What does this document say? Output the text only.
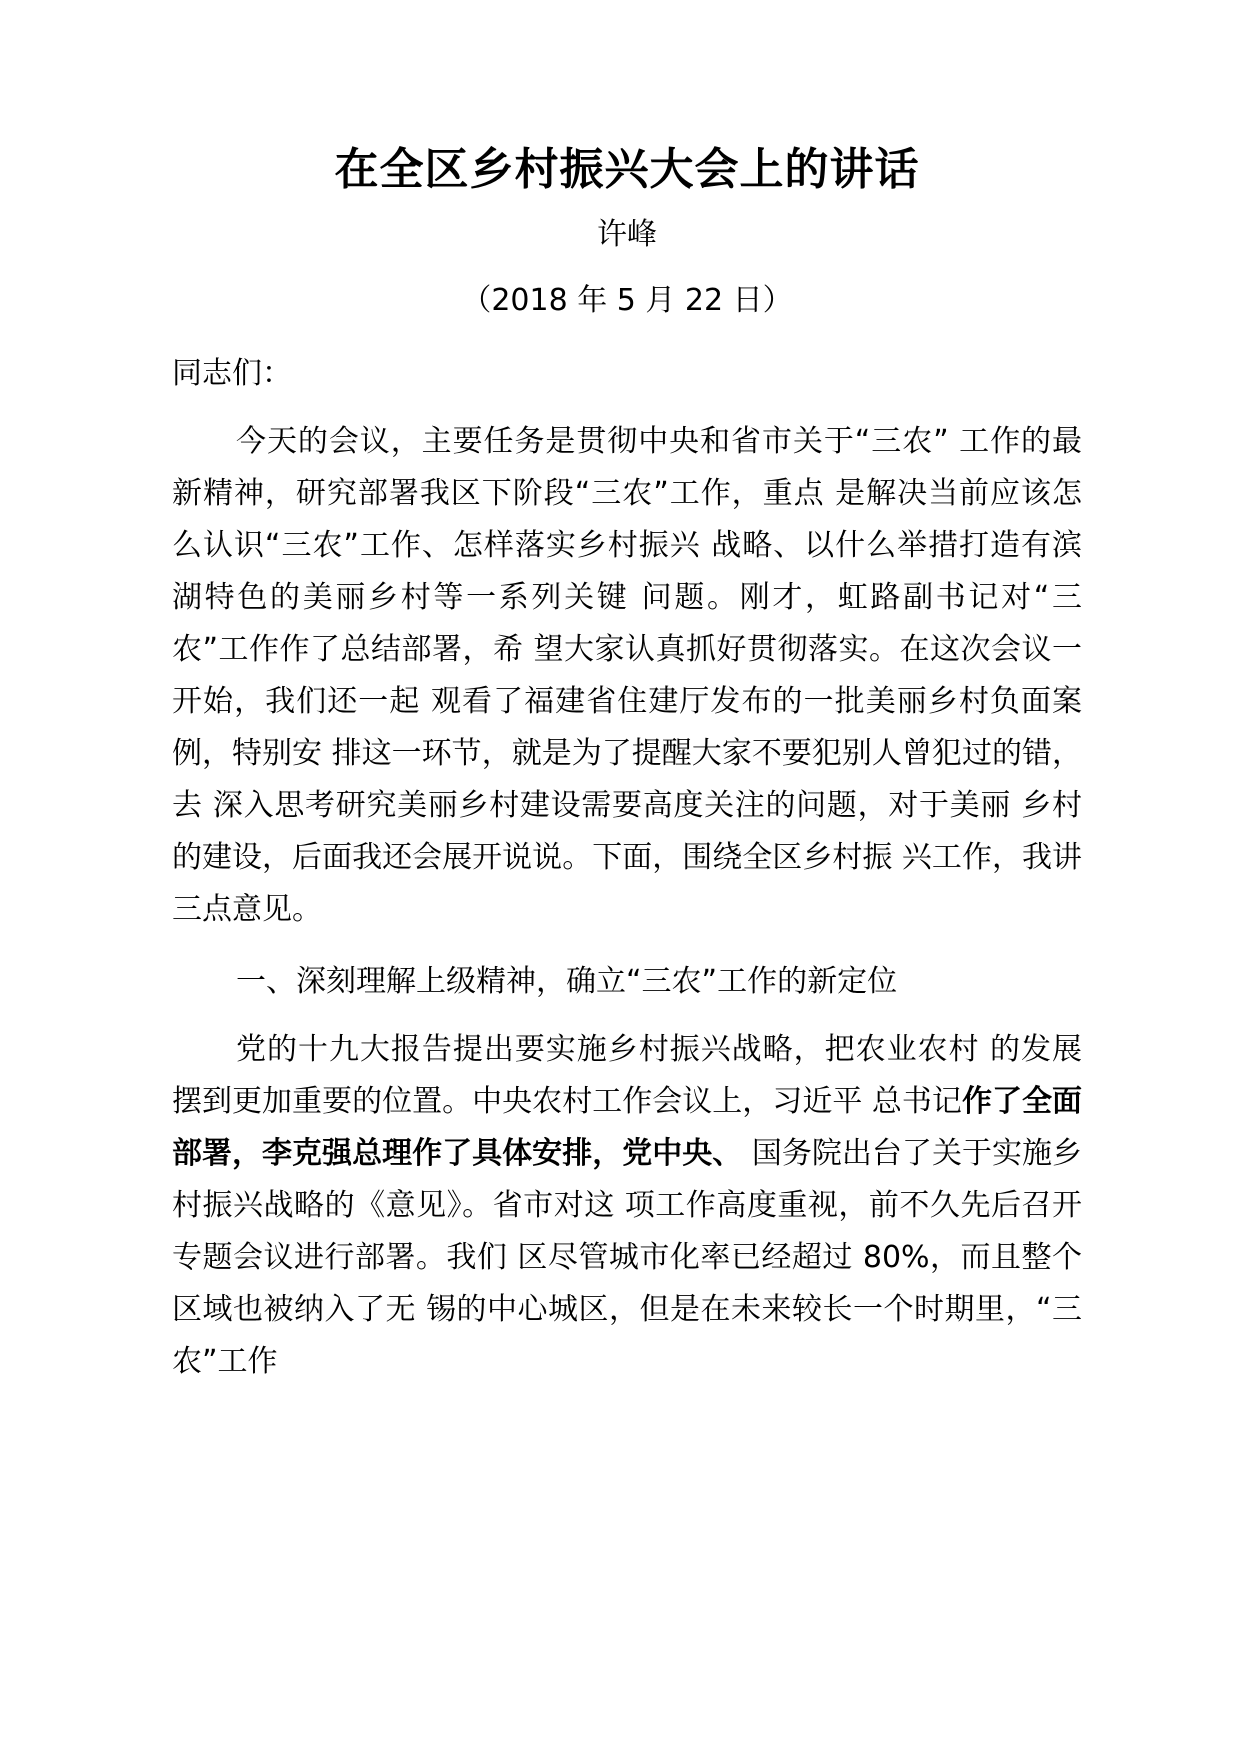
在全区乡村振兴大会上的讲话
许峰
（2018 年 5 月 22 日）
同志们：

今天的会议，主要任务是贯彻中央和省市关于“三农” 工作的最新精神，研究部署我区下阶段“三农”工作，重点 是解决当前应该怎么认识“三农”工作、怎样落实乡村振兴 战略、以什么举措打造有滨湖特色的美丽乡村等一系列关键 问题。刚才，虹路副书记对“三农”工作作了总结部署，希 望大家认真抓好贯彻落实。在这次会议一开始，我们还一起 观看了福建省住建厅发布的一批美丽乡村负面案例，特别安 排这一环节，就是为了提醒大家不要犯别人曾犯过的错，去 深入思考研究美丽乡村建设需要高度关注的问题，对于美丽 乡村的建设，后面我还会展开说说。下面，围绕全区乡村振 兴工作，我讲三点意见。

一、深刻理解上级精神，确立“三农”工作的新定位

党的十九大报告提出要实施乡村振兴战略，把农业农村 的发展摆到更加重要的位置。中央农村工作会议上，习近平 总书记作了全面部署，李克强总理作了具体安排，党中央、 国务院出台了关于实施乡村振兴战略的《意见》。省市对这 项工作高度重视，前不久先后召开专题会议进行部署。我们 区尽管城市化率已经超过 80%，而且整个区域也被纳入了无 锡的中心城区，但是在未来较长一个时期里，“三农”工作
